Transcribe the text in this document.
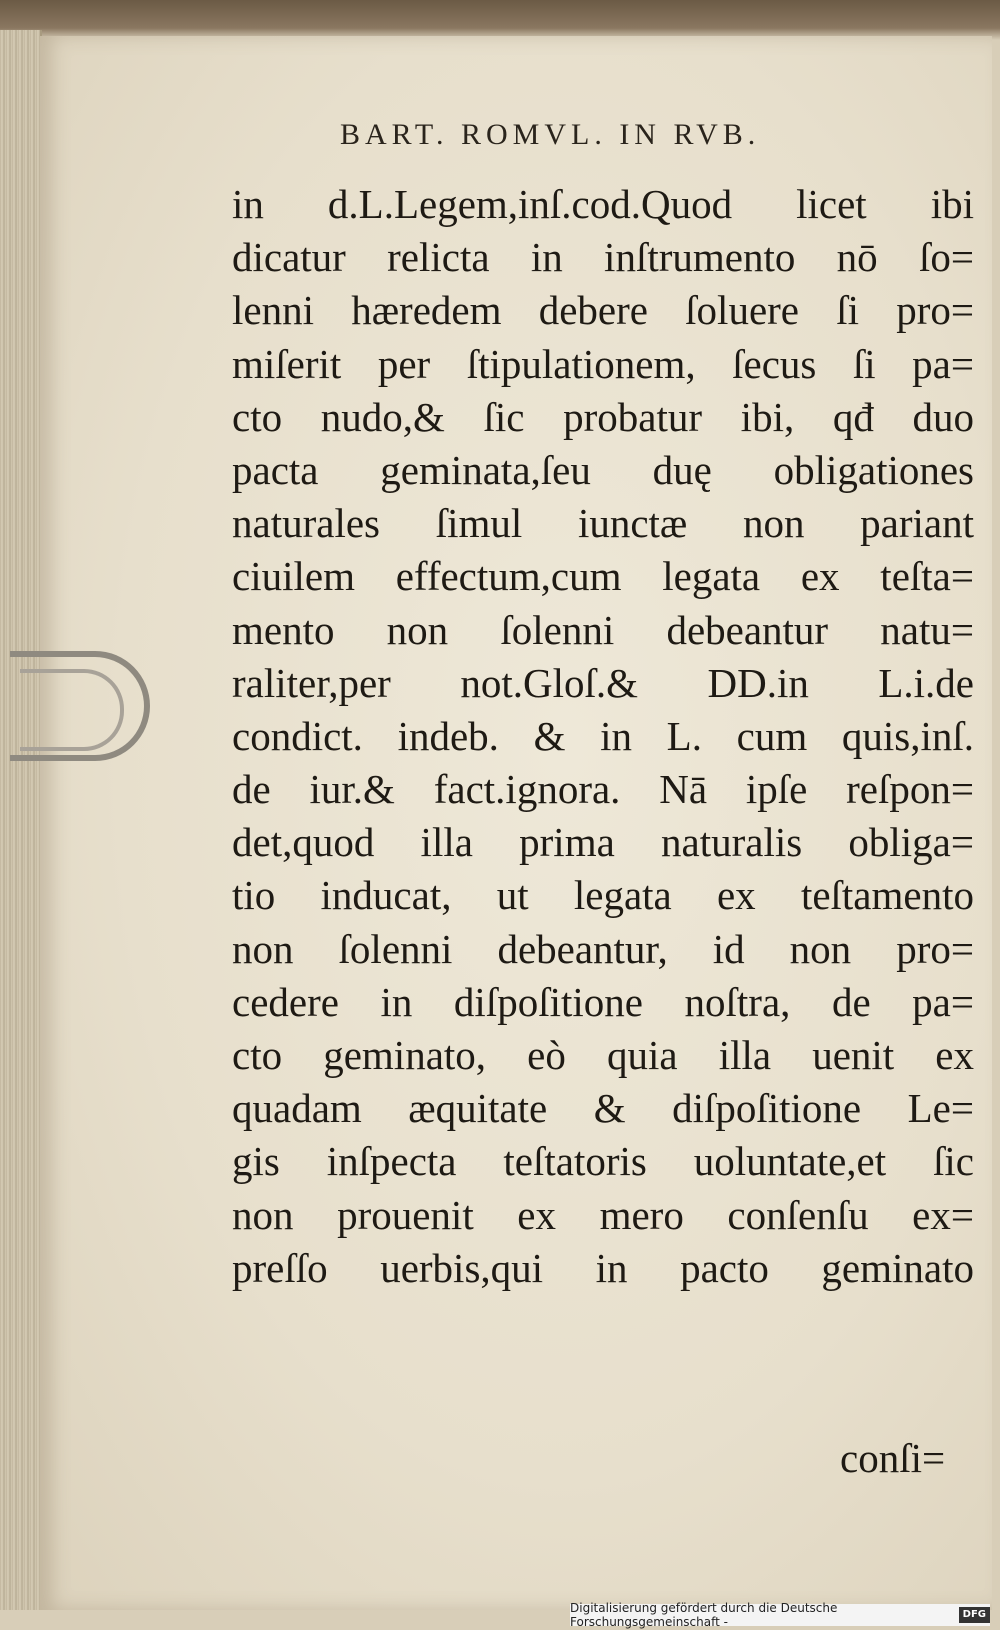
BART. ROMVL. IN RVB.
in d.L.Legem,inſ.cod.Quod licet ibi
dicatur relicta in inſtrumento nō ſo=
lenni hæredem debere ſoluere ſi pro=
miſerit per ſtipulationem, ſecus ſi pa=
cto nudo,& ſic probatur ibi, qđ duo
pacta geminata,ſeu duę obligationes
naturales ſimul iunctæ non pariant
ciuilem effectum,cum legata ex teſta=
mento non ſolenni debeantur natu=
raliter,per not.Gloſ.& DD.in L.i.de
condict. indeb. & in L. cum quis,inſ.
de iur.& fact.ignora. Nā ipſe reſpon=
det,quod illa prima naturalis obliga=
tio inducat, ut legata ex teſtamento
non ſolenni debeantur, id non pro=
cedere in diſpoſitione noſtra, de pa=
cto geminato, eò quia illa uenit ex
quadam æquitate & diſpoſitione Le=
gis inſpecta teſtatoris uoluntate,et ſic
non prouenit ex mero conſenſu ex=
preſſo uerbis,qui in pacto geminato
conſi=
Digitalisierung gefördert durch die Deutsche Forschungsgemeinschaft -
DFG
